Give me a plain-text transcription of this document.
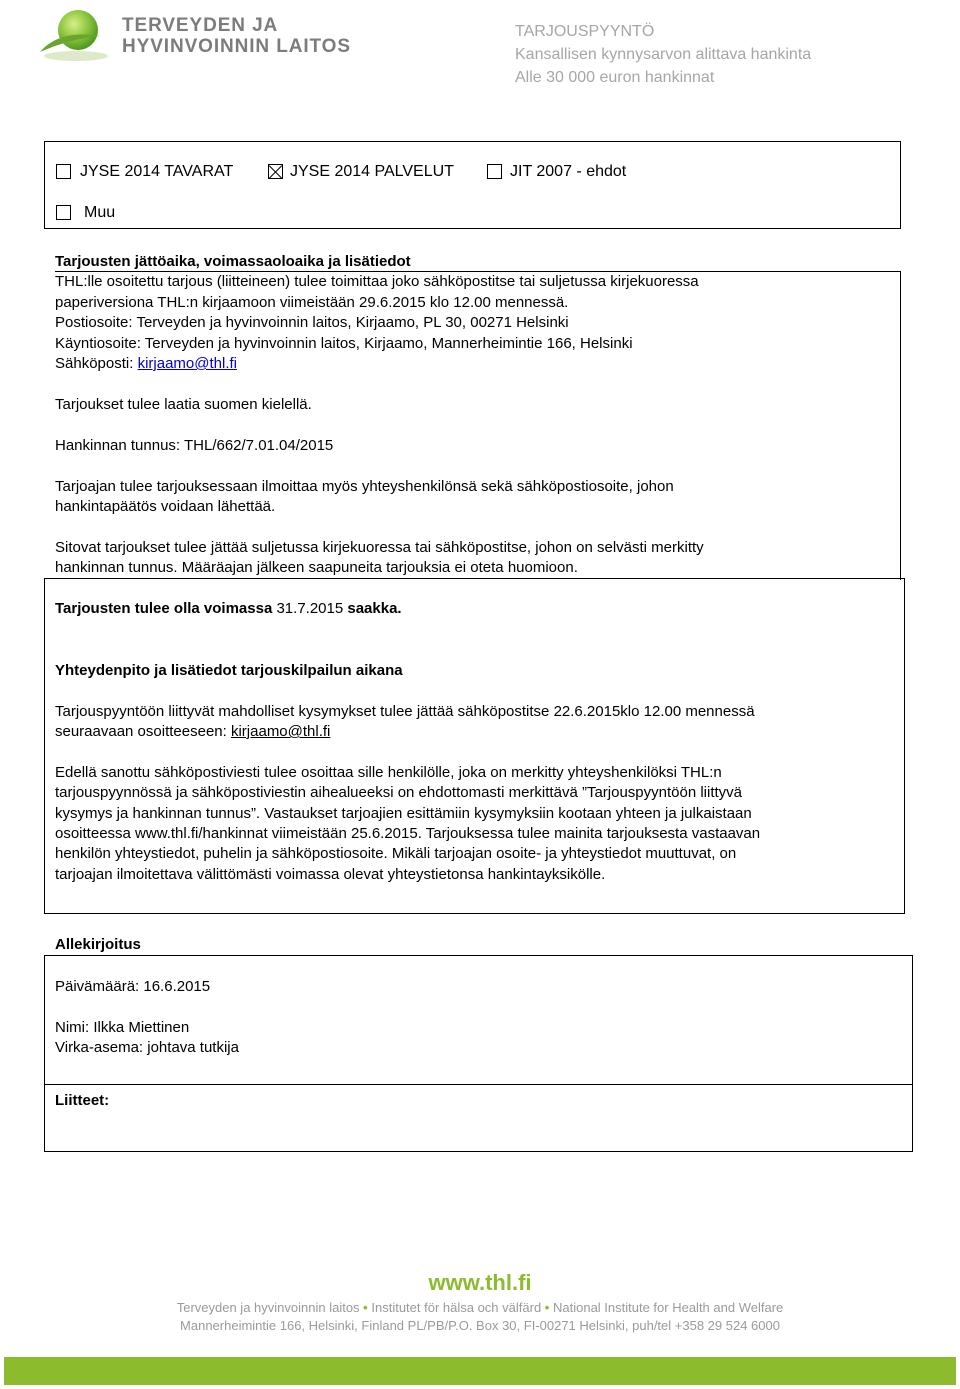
TERVEYDEN JA
HYVINVOINNIN LAITOS
TARJOUSPYYNTÖ
Kansallisen kynnysarvon alittava hankinta
Alle 30 000 euron hankinnat
JYSE 2014 TAVARAT	JYSE 2014 PALVELUT	JIT 2007 - ehdot
Muu
Tarjousten jättöaika, voimassaoloaika ja lisätiedot
THL:lle osoitettu tarjous (liitteineen) tulee toimittaa joko sähköpostitse tai suljetussa kirjekuoressa
paperiversiona THL:n kirjaamoon viimeistään 29.6.2015 klo 12.00 mennessä.
Postiosoite: Terveyden ja hyvinvoinnin laitos, Kirjaamo, PL 30, 00271 Helsinki
Käyntiosoite: Terveyden ja hyvinvoinnin laitos, Kirjaamo, Mannerheimintie 166, Helsinki
Sähköposti: kirjaamo@thl.fi
Tarjoukset tulee laatia suomen kielellä.
Hankinnan tunnus: THL/662/7.01.04/2015
Tarjoajan tulee tarjouksessaan ilmoittaa myös yhteyshenkilönsä sekä sähköpostiosoite, johon
hankintapäätös voidaan lähettää.
Sitovat tarjoukset tulee jättää suljetussa kirjekuoressa tai sähköpostitse, johon on selvästi merkitty
hankinnan tunnus. Määräajan jälkeen saapuneita tarjouksia ei oteta huomioon.
Tarjousten tulee olla voimassa 31.7.2015 saakka.
Yhteydenpito ja lisätiedot tarjouskilpailun aikana
Tarjouspyyntöön liittyvät mahdolliset kysymykset tulee jättää sähköpostitse 22.6.2015klo 12.00 mennessä
seuraavaan osoitteeseen: kirjaamo@thl.fi
Edellä sanottu sähköpostiviesti tulee osoittaa sille henkilölle, joka on merkitty yhteyshenkilöksi THL:n
tarjouspyynnössä ja sähköpostiviestin aihealueeksi on ehdottomasti merkittävä ”Tarjouspyyntöön liittyvä
kysymys ja hankinnan tunnus”. Vastaukset tarjoajien esittämiin kysymyksiin kootaan yhteen ja julkaistaan
osoitteessa www.thl.fi/hankinnat viimeistään 25.6.2015. Tarjouksessa tulee mainita tarjouksesta vastaavan
henkilön yhteystiedot, puhelin ja sähköpostiosoite. Mikäli tarjoajan osoite- ja yhteystiedot muuttuvat, on
tarjoajan ilmoitettava välittömästi voimassa olevat yhteystietonsa hankintayksikölle.
Allekirjoitus
Päivämäärä: 16.6.2015
Nimi: Ilkka Miettinen
Virka-asema: johtava tutkija
Liitteet:
www.thl.fi
Terveyden ja hyvinvoinnin laitos • Institutet för hälsa och välfärd • National Institute for Health and Welfare
Mannerheimintie 166, Helsinki, Finland PL/PB/P.O. Box 30, FI-00271 Helsinki, puh/tel +358 29 524 6000
